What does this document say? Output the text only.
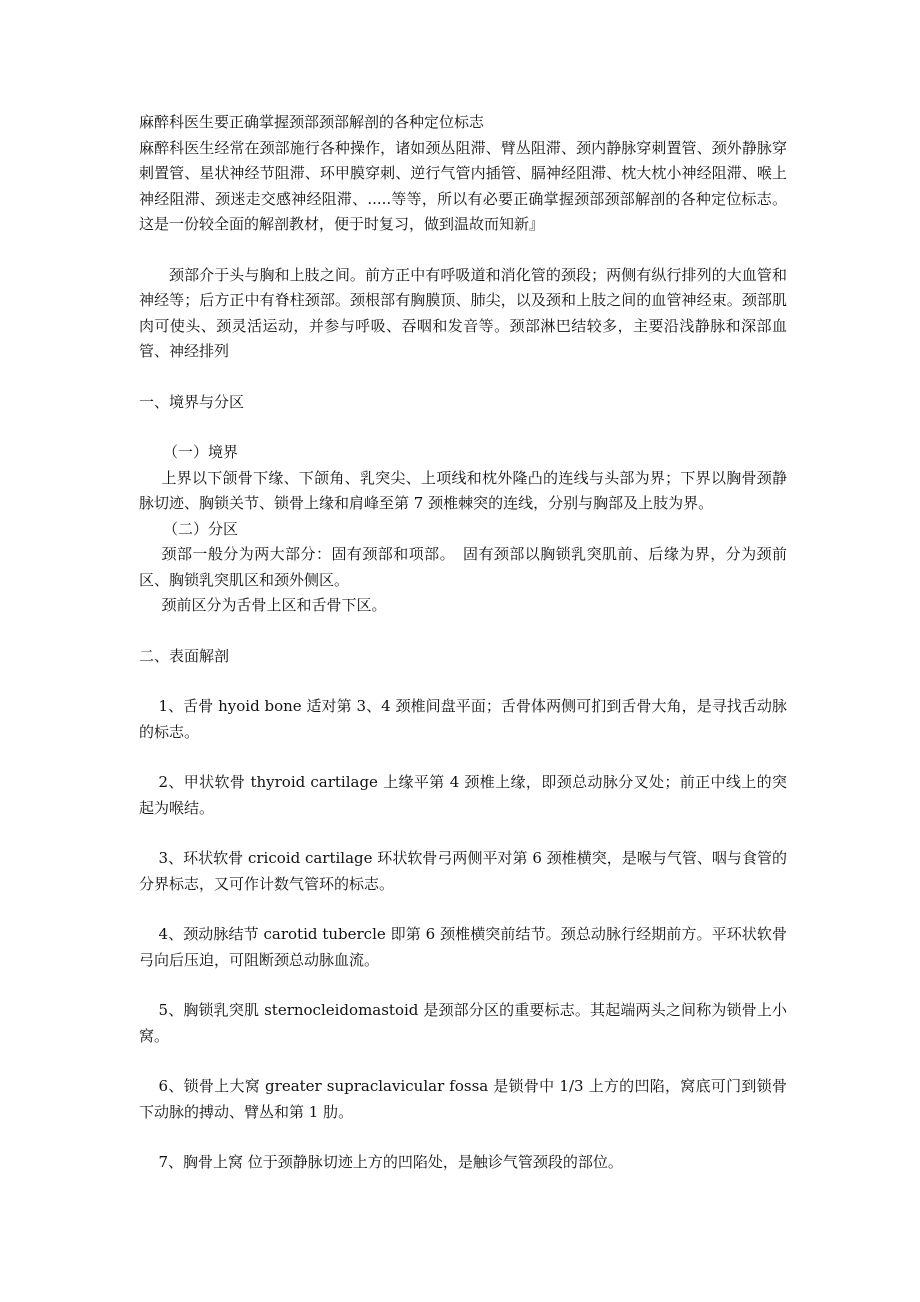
麻醉科医生要正确掌握颈部颈部解剖的各种定位标志

麻醉科医生经常在颈部施行各种操作，诸如颈丛阻滞、臂丛阻滞、颈内静脉穿刺置管、颈外静脉穿刺置管、星状神经节阻滞、环甲膜穿刺、逆行气管内插管、膈神经阻滞、枕大枕小神经阻滞、喉上神经阻滞、颈迷走交感神经阻滞、.....等等，所以有必要正确掌握颈部颈部解剖的各种定位标志。这是一份较全面的解剖教材，便于时复习，做到温故而知新』

颈部介于头与胸和上肢之间。前方正中有呼吸道和消化管的颈段；两侧有纵行排列的大血管和神经等；后方正中有脊柱颈部。颈根部有胸膜顶、肺尖，以及颈和上肢之间的血管神经束。颈部肌肉可使头、颈灵活运动，并参与呼吸、吞咽和发音等。颈部淋巴结较多，主要沿浅静脉和深部血管、神经排列

一、境界与分区

（一）境界

上界以下颌骨下缘、下颌角、乳突尖、上项线和枕外隆凸的连线与头部为界；下界以胸骨颈静脉切迹、胸锁关节、锁骨上缘和肩峰至第 7 颈椎棘突的连线，分别与胸部及上肢为界。

（二）分区

颈部一般分为两大部分：固有颈部和项部。　固有颈部以胸锁乳突肌前、后缘为界，分为颈前区、胸锁乳突肌区和颈外侧区。

颈前区分为舌骨上区和舌骨下区。

二、表面解剖

1、舌骨 hyoid bone 适对第 3、4 颈椎间盘平面；舌骨体两侧可扪到舌骨大角，是寻找舌动脉的标志。

2、甲状软骨 thyroid cartilage 上缘平第 4 颈椎上缘，即颈总动脉分叉处；前正中线上的突起为喉结。

3、环状软骨 cricoid cartilage 环状软骨弓两侧平对第 6 颈椎横突，是喉与气管、咽与食管的分界标志，又可作计数气管环的标志。

4、颈动脉结节 carotid tubercle 即第 6 颈椎横突前结节。颈总动脉行经期前方。平环状软骨弓向后压迫，可阻断颈总动脉血流。

5、胸锁乳突肌 sternocleidomastoid 是颈部分区的重要标志。其起端两头之间称为锁骨上小窝。

6、锁骨上大窝 greater supraclavicular fossa 是锁骨中 1/3 上方的凹陷，窝底可门到锁骨下动脉的搏动、臂丛和第 1 肋。

7、胸骨上窝 位于颈静脉切迹上方的凹陷处，是触诊气管颈段的部位。
